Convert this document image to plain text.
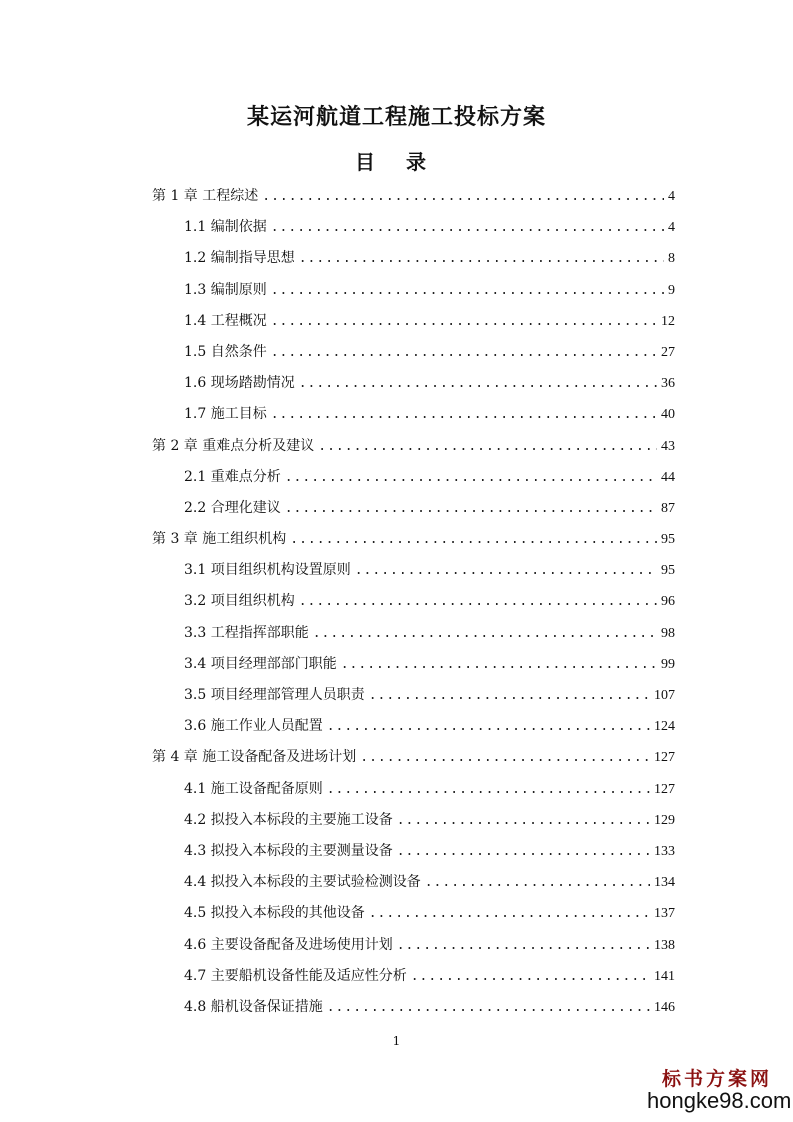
某运河航道工程施工投标方案
目 录
第 1 章 工程综述 .....	4
1.1 编制依据 .....	4
1.2 编制指导思想 .....	8
1.3 编制原则 .....	9
1.4 工程概况 .....	12
1.5 自然条件 .....	27
1.6 现场踏勘情况 .....	36
1.7 施工目标 .....	40
第 2 章 重难点分析及建议 .....	43
2.1 重难点分析 .....	44
2.2 合理化建议 .....	87
第 3 章 施工组织机构 .....	95
3.1 项目组织机构设置原则 .....	95
3.2 项目组织机构 .....	96
3.3 工程指挥部职能 .....	98
3.4 项目经理部部门职能 .....	99
3.5 项目经理部管理人员职责 .....	107
3.6 施工作业人员配置 .....	124
第 4 章 施工设备配备及进场计划 .....	127
4.1 施工设备配备原则 .....	127
4.2 拟投入本标段的主要施工设备 .....	129
4.3 拟投入本标段的主要测量设备 .....	133
4.4 拟投入本标段的主要试验检测设备 .....	134
4.5 拟投入本标段的其他设备 .....	137
4.6 主要设备配备及进场使用计划 .....	138
4.7 主要船机设备性能及适应性分析 .....	141
4.8 船机设备保证措施 .....	146
1
标书方案网
hongke98.com
